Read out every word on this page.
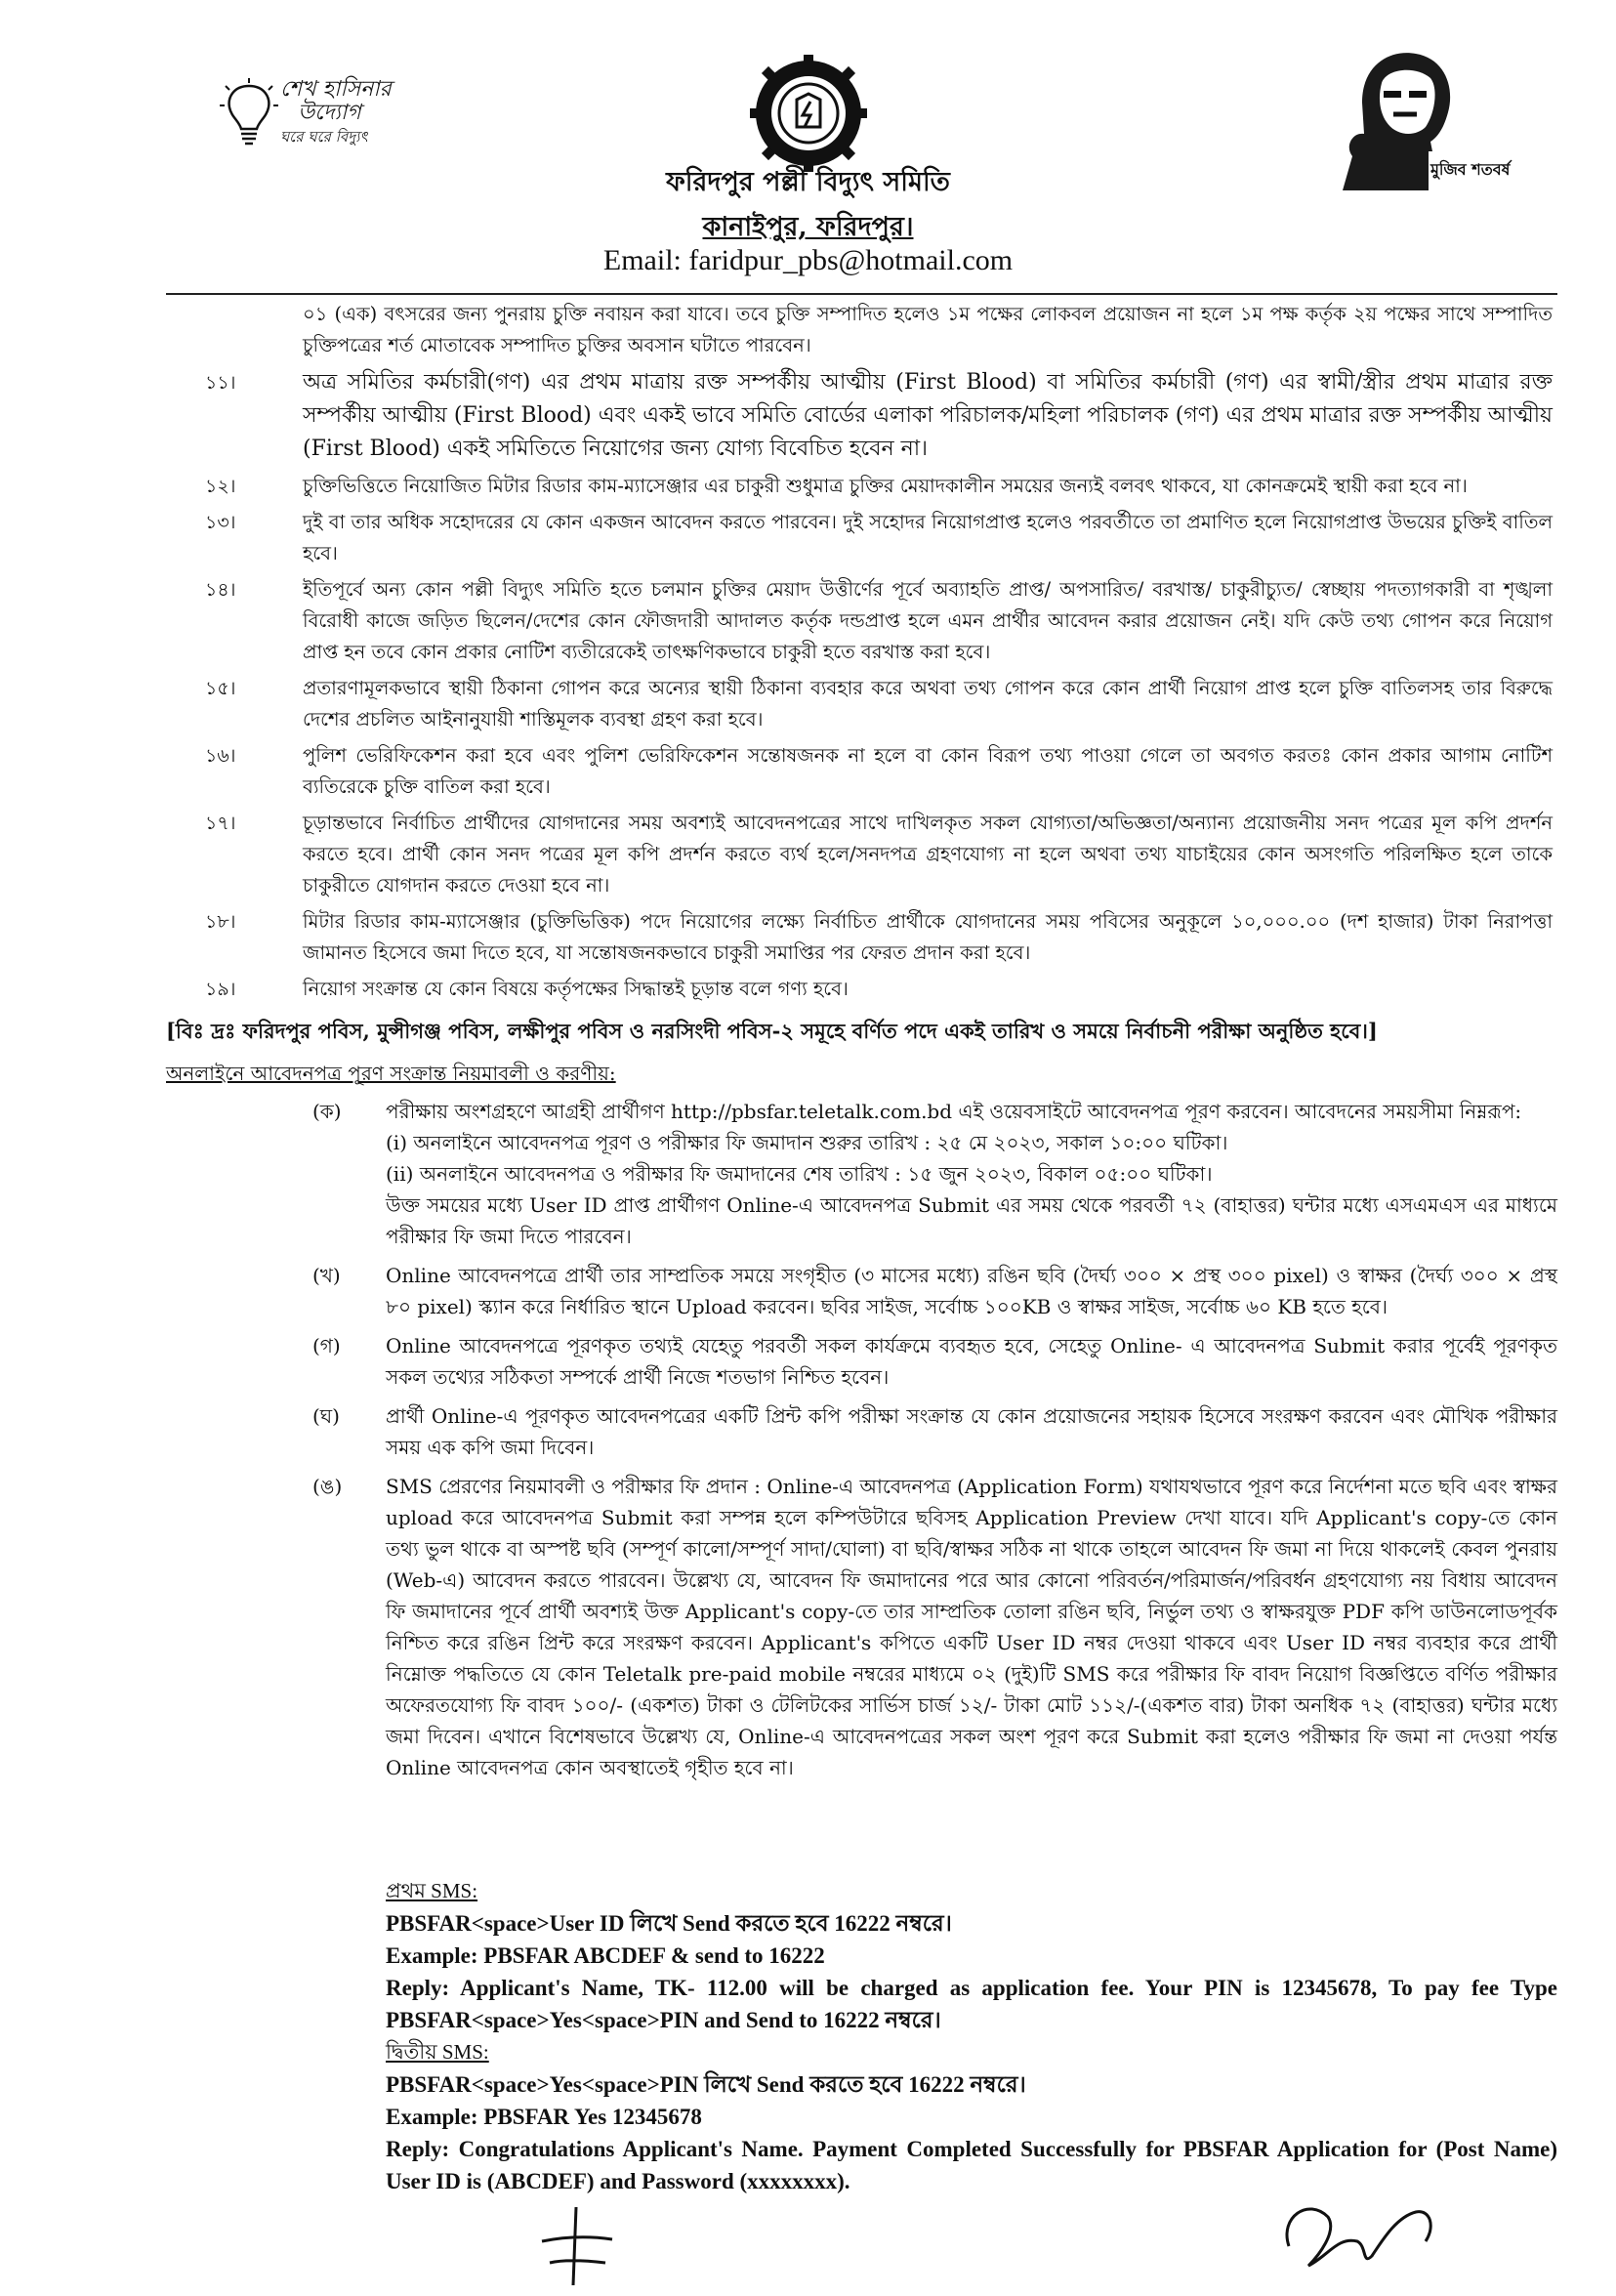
শেখ হাসিনার
উদ্যোগ
ঘরে ঘরে বিদ্যুৎ
মুজিব শতবর্ষ
ফরিদপুর পল্লী বিদ্যুৎ সমিতি
কানাইপুর, ফরিদপুর।
Email: faridpur_pbs@hotmail.com
০১ (এক) বৎসরের জন্য পুনরায় চুক্তি নবায়ন করা যাবে। তবে চুক্তি সম্পাদিত হলেও ১ম পক্ষের লোকবল প্রয়োজন না হলে ১ম পক্ষ কর্তৃক ২য় পক্ষের সাথে সম্পাদিত চুক্তিপত্রের শর্ত মোতাবেক সম্পাদিত চুক্তির অবসান ঘটাতে পারবেন।
১১।	অত্র সমিতির কর্মচারী(গণ) এর প্রথম মাত্রায় রক্ত সম্পর্কীয় আত্মীয় (First Blood) বা সমিতির কর্মচারী (গণ) এর স্বামী/স্ত্রীর প্রথম মাত্রার রক্ত সম্পর্কীয় আত্মীয় (First Blood) এবং একই ভাবে সমিতি বোর্ডের এলাকা পরিচালক/মহিলা পরিচালক (গণ) এর প্রথম মাত্রার রক্ত সম্পর্কীয় আত্মীয় (First Blood) একই সমিতিতে নিয়োগের জন্য যোগ্য বিবেচিত হবেন না।
১২।	চুক্তিভিত্তিতে নিয়োজিত মিটার রিডার কাম-ম্যাসেঞ্জার এর চাকুরী শুধুমাত্র চুক্তির মেয়াদকালীন সময়ের জন্যই বলবৎ থাকবে, যা কোনক্রমেই স্থায়ী করা হবে না।
১৩।	দুই বা তার অধিক সহোদরের যে কোন একজন আবেদন করতে পারবেন। দুই সহোদর নিয়োগপ্রাপ্ত হলেও পরবর্তীতে তা প্রমাণিত হলে নিয়োগপ্রাপ্ত উভয়ের চুক্তিই বাতিল হবে।
১৪।	ইতিপূর্বে অন্য কোন পল্লী বিদ্যুৎ সমিতি হতে চলমান চুক্তির মেয়াদ উত্তীর্ণের পূর্বে অব্যাহতি প্রাপ্ত/ অপসারিত/ বরখাস্ত/ চাকুরীচ্যুত/ স্বেচ্ছায় পদত্যাগকারী বা শৃঙ্খলা বিরোধী কাজে জড়িত ছিলেন/দেশের কোন ফৌজদারী আদালত কর্তৃক দন্ডপ্রাপ্ত হলে এমন প্রার্থীর আবেদন করার প্রয়োজন নেই। যদি কেউ তথ্য গোপন করে নিয়োগ প্রাপ্ত হন তবে কোন প্রকার নোটিশ ব্যতীরেকেই তাৎক্ষণিকভাবে চাকুরী হতে বরখাস্ত করা হবে।
১৫।	প্রতারণামূলকভাবে স্থায়ী ঠিকানা গোপন করে অন্যের স্থায়ী ঠিকানা ব্যবহার করে অথবা তথ্য গোপন করে কোন প্রার্থী নিয়োগ প্রাপ্ত হলে চুক্তি বাতিলসহ তার বিরুদ্ধে দেশের প্রচলিত আইনানুযায়ী শাস্তিমূলক ব্যবস্থা গ্রহণ করা হবে।
১৬।	পুলিশ ভেরিফিকেশন করা হবে এবং পুলিশ ভেরিফিকেশন সন্তোষজনক না হলে বা কোন বিরূপ তথ্য পাওয়া গেলে তা অবগত করতঃ কোন প্রকার আগাম নোটিশ ব্যতিরেকে চুক্তি বাতিল করা হবে।
১৭।	চূড়ান্তভাবে নির্বাচিত প্রার্থীদের যোগদানের সময় অবশ্যই আবেদনপত্রের সাথে দাখিলকৃত সকল যোগ্যতা/অভিজ্ঞতা/অন্যান্য প্রয়োজনীয় সনদ পত্রের মূল কপি প্রদর্শন করতে হবে। প্রার্থী কোন সনদ পত্রের মূল কপি প্রদর্শন করতে ব্যর্থ হলে/সনদপত্র গ্রহণযোগ্য না হলে অথবা তথ্য যাচাইয়ের কোন অসংগতি পরিলক্ষিত হলে তাকে চাকুরীতে যোগদান করতে দেওয়া হবে না।
১৮।	মিটার রিডার কাম-ম্যাসেঞ্জার (চুক্তিভিত্তিক) পদে নিয়োগের লক্ষ্যে নির্বাচিত প্রার্থীকে যোগদানের সময় পবিসের অনুকূলে ১০,০০০.০০ (দশ হাজার) টাকা নিরাপত্তা জামানত হিসেবে জমা দিতে হবে, যা সন্তোষজনকভাবে চাকুরী সমাপ্তির পর ফেরত প্রদান করা হবে।
১৯।	নিয়োগ সংক্রান্ত যে কোন বিষয়ে কর্তৃপক্ষের সিদ্ধান্তই চূড়ান্ত বলে গণ্য হবে।
[বিঃ দ্রঃ ফরিদপুর পবিস, মুন্সীগঞ্জ পবিস, লক্ষীপুর পবিস ও নরসিংদী পবিস-২ সমূহে বর্ণিত পদে একই তারিখ ও সময়ে নির্বাচনী পরীক্ষা অনুষ্ঠিত হবে।]
অনলাইনে আবেদনপত্র পূরণ সংক্রান্ত নিয়মাবলী ও করণীয়:
(ক) পরীক্ষায় অংশগ্রহণে আগ্রহী প্রার্থীগণ http://pbsfar.teletalk.com.bd এই ওয়েবসাইটে আবেদনপত্র পূরণ করবেন। আবেদনের সময়সীমা নিম্নরূপ:
(i) অনলাইনে আবেদনপত্র পূরণ ও পরীক্ষার ফি জমাদান শুরুর তারিখ : ২৫ মে ২০২৩, সকাল ১০:০০ ঘটিকা।
(ii) অনলাইনে আবেদনপত্র ও পরীক্ষার ফি জমাদানের শেষ তারিখ : ১৫ জুন ২০২৩, বিকাল ০৫:০০ ঘটিকা।
উক্ত সময়ের মধ্যে User ID প্রাপ্ত প্রার্থীগণ Online-এ আবেদনপত্র Submit এর সময় থেকে পরবর্তী ৭২ (বাহাত্তর) ঘন্টার মধ্যে এসএমএস এর মাধ্যমে পরীক্ষার ফি জমা দিতে পারবেন।
(খ) Online আবেদনপত্রে প্রার্থী তার সাম্প্রতিক সময়ে সংগৃহীত (৩ মাসের মধ্যে) রঙিন ছবি (দৈর্ঘ্য ৩০০ × প্রস্থ ৩০০ pixel) ও স্বাক্ষর (দৈর্ঘ্য ৩০০ × প্রস্থ ৮০ pixel) স্ক্যান করে নির্ধারিত স্থানে Upload করবেন। ছবির সাইজ, সর্বোচ্চ ১০০KB ও স্বাক্ষর সাইজ, সর্বোচ্চ ৬০ KB হতে হবে।
(গ) Online আবেদনপত্রে পূরণকৃত তথ্যই যেহেতু পরবর্তী সকল কার্যক্রমে ব্যবহৃত হবে, সেহেতু Online- এ আবেদনপত্র Submit করার পূর্বেই পূরণকৃত সকল তথ্যের সঠিকতা সম্পর্কে প্রার্থী নিজে শতভাগ নিশ্চিত হবেন।
(ঘ) প্রার্থী Online-এ পূরণকৃত আবেদনপত্রের একটি প্রিন্ট কপি পরীক্ষা সংক্রান্ত যে কোন প্রয়োজনের সহায়ক হিসেবে সংরক্ষণ করবেন এবং মৌখিক পরীক্ষার সময় এক কপি জমা দিবেন।
(ঙ) SMS প্রেরণের নিয়মাবলী ও পরীক্ষার ফি প্রদান : Online-এ আবেদনপত্র (Application Form) যথাযথভাবে পূরণ করে নির্দেশনা মতে ছবি এবং স্বাক্ষর upload করে আবেদনপত্র Submit করা সম্পন্ন হলে কম্পিউটারে ছবিসহ Application Preview দেখা যাবে। যদি Applicant's copy-তে কোন তথ্য ভুল থাকে বা অস্পষ্ট ছবি (সম্পূর্ণ কালো/সম্পূর্ণ সাদা/ঘোলা) বা ছবি/স্বাক্ষর সঠিক না থাকে তাহলে আবেদন ফি জমা না দিয়ে থাকলেই কেবল পুনরায় (Web-এ) আবেদন করতে পারবেন। উল্লেখ্য যে, আবেদন ফি জমাদানের পরে আর কোনো পরিবর্তন/পরিমার্জন/পরিবর্ধন গ্রহণযোগ্য নয় বিধায় আবেদন ফি জমাদানের পূর্বে প্রার্থী অবশ্যই উক্ত Applicant's copy-তে তার সাম্প্রতিক তোলা রঙিন ছবি, নির্ভুল তথ্য ও স্বাক্ষরযুক্ত PDF কপি ডাউনলোডপূর্বক নিশ্চিত করে রঙিন প্রিন্ট করে সংরক্ষণ করবেন। Applicant's কপিতে একটি User ID নম্বর দেওয়া থাকবে এবং User ID নম্বর ব্যবহার করে প্রার্থী নিম্নোক্ত পদ্ধতিতে যে কোন Teletalk pre-paid mobile নম্বরের মাধ্যমে ০২ (দুই)টি SMS করে পরীক্ষার ফি বাবদ নিয়োগ বিজ্ঞপ্তিতে বর্ণিত পরীক্ষার অফেরতযোগ্য ফি বাবদ ১০০/- (একশত) টাকা ও টেলিটকের সার্ভিস চার্জ ১২/- টাকা মোট ১১২/-(একশত বার) টাকা অনধিক ৭২ (বাহাত্তর) ঘন্টার মধ্যে জমা দিবেন। এখানে বিশেষভাবে উল্লেখ্য যে, Online-এ আবেদনপত্রের সকল অংশ পূরণ করে Submit করা হলেও পরীক্ষার ফি জমা না দেওয়া পর্যন্ত Online আবেদনপত্র কোন অবস্থাতেই গৃহীত হবে না।
প্রথম SMS:
PBSFAR<space>User ID লিখে Send করতে হবে 16222 নম্বরে।
Example: PBSFAR ABCDEF & send to 16222
Reply: Applicant's Name, TK- 112.00 will be charged as application fee. Your PIN is 12345678, To pay fee Type PBSFAR<space>Yes<space>PIN and Send to 16222 নম্বরে।
দ্বিতীয় SMS:
PBSFAR<space>Yes<space>PIN লিখে Send করতে হবে 16222 নম্বরে।
Example: PBSFAR Yes 12345678
Reply: Congratulations Applicant's Name. Payment Completed Successfully for PBSFAR Application for (Post Name) User ID is (ABCDEF) and Password (xxxxxxxx).
